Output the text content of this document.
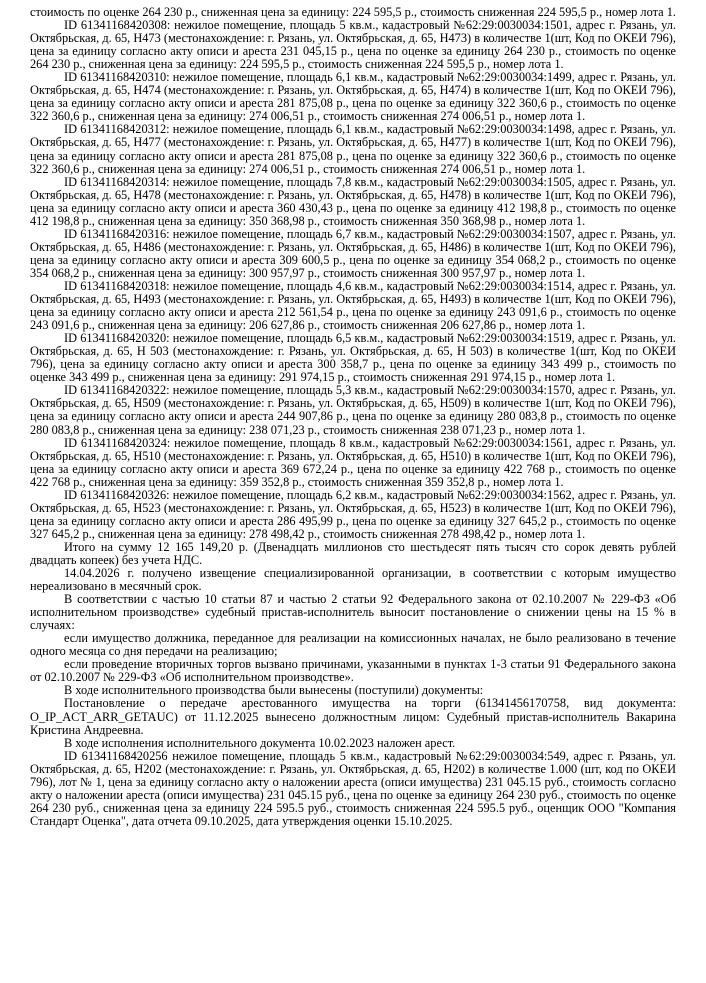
стоимость по оценке 264 230 р., сниженная цена за единицу: 224 595,5 р., стоимость сниженная 224 595,5 р., номер лота 1.

ID 61341168420308: нежилое помещение, площадь 5 кв.м., кадастровый №62:29:0030034:1501, адрес г. Рязань, ул. Октябрьская, д. 65, Н473 (местонахождение: г. Рязань, ул. Октябрьская, д. 65, Н473) в количестве 1(шт, Код по ОКЕИ 796), цена за единицу согласно акту описи и ареста 231 045,15 р., цена по оценке за единицу 264 230 р., стоимость по оценке 264 230 р., сниженная цена за единицу: 224 595,5 р., стоимость сниженная 224 595,5 р., номер лота 1.

ID 61341168420310: нежилое помещение, площадь 6,1 кв.м., кадастровый №62:29:0030034:1499, адрес г. Рязань, ул. Октябрьская, д. 65, Н474 (местонахождение: г. Рязань, ул. Октябрьская, д. 65, Н474) в количестве 1(шт, Код по ОКЕИ 796), цена за единицу согласно акту описи и ареста 281 875,08 р., цена по оценке за единицу 322 360,6 р., стоимость по оценке 322 360,6 р., сниженная цена за единицу: 274 006,51 р., стоимость сниженная 274 006,51 р., номер лота 1.

ID 61341168420312: нежилое помещение, площадь 6,1 кв.м., кадастровый №62:29:0030034:1498, адрес г. Рязань, ул. Октябрьская, д. 65, Н477 (местонахождение: г. Рязань, ул. Октябрьская, д. 65, Н477) в количестве 1(шт, Код по ОКЕИ 796), цена за единицу согласно акту описи и ареста 281 875,08 р., цена по оценке за единицу 322 360,6 р., стоимость по оценке 322 360,6 р., сниженная цена за единицу: 274 006,51 р., стоимость сниженная 274 006,51 р., номер лота 1.

ID 61341168420314: нежилое помещение, площадь 7,8 кв.м., кадастровый №62:29:0030034:1505, адрес г. Рязань, ул. Октябрьская, д. 65, Н478 (местонахождение: г. Рязань, ул. Октябрьская, д. 65, Н478) в количестве 1(шт, Код по ОКЕИ 796), цена за единицу согласно акту описи и ареста 360 430,43 р., цена по оценке за единицу 412 198,8 р., стоимость по оценке 412 198,8 р., сниженная цена за единицу: 350 368,98 р., стоимость сниженная 350 368,98 р., номер лота 1.

ID 61341168420316: нежилое помещение, площадь 6,7 кв.м., кадастровый №62:29:0030034:1507, адрес г. Рязань, ул. Октябрьская, д. 65, Н486 (местонахождение: г. Рязань, ул. Октябрьская, д. 65, Н486) в количестве 1(шт, Код по ОКЕИ 796), цена за единицу согласно акту описи и ареста 309 600,5 р., цена по оценке за единицу 354 068,2 р., стоимость по оценке 354 068,2 р., сниженная цена за единицу: 300 957,97 р., стоимость сниженная 300 957,97 р., номер лота 1.

ID 61341168420318: нежилое помещение, площадь 4,6 кв.м., кадастровый №62:29:0030034:1514, адрес г. Рязань, ул. Октябрьская, д. 65, Н493 (местонахождение: г. Рязань, ул. Октябрьская, д. 65, Н493) в количестве 1(шт, Код по ОКЕИ 796), цена за единицу согласно акту описи и ареста 212 561,54 р., цена по оценке за единицу 243 091,6 р., стоимость по оценке 243 091,6 р., сниженная цена за единицу: 206 627,86 р., стоимость сниженная 206 627,86 р., номер лота 1.

ID 61341168420320: нежилое помещение, площадь 6,5 кв.м., кадастровый №62:29:0030034:1519, адрес г. Рязань, ул. Октябрьская, д. 65, Н 503 (местонахождение: г. Рязань, ул. Октябрьская, д. 65, Н 503) в количестве 1(шт, Код по ОКЕИ 796), цена за единицу согласно акту описи и ареста 300 358,7 р., цена по оценке за единицу 343 499 р., стоимость по оценке 343 499 р., сниженная цена за единицу: 291 974,15 р., стоимость сниженная 291 974,15 р., номер лота 1.

ID 61341168420322: нежилое помещение, площадь 5,3 кв.м., кадастровый №62:29:0030034:1570, адрес г. Рязань, ул. Октябрьская, д. 65, Н509 (местонахождение: г. Рязань, ул. Октябрьская, д. 65, Н509) в количестве 1(шт, Код по ОКЕИ 796), цена за единицу согласно акту описи и ареста 244 907,86 р., цена по оценке за единицу 280 083,8 р., стоимость по оценке 280 083,8 р., сниженная цена за единицу: 238 071,23 р., стоимость сниженная 238 071,23 р., номер лота 1.

ID 61341168420324: нежилое помещение, площадь 8 кв.м., кадастровый №62:29:0030034:1561, адрес г. Рязань, ул. Октябрьская, д. 65, Н510 (местонахождение: г. Рязань, ул. Октябрьская, д. 65, Н510) в количестве 1(шт, Код по ОКЕИ 796), цена за единицу согласно акту описи и ареста 369 672,24 р., цена по оценке за единицу 422 768 р., стоимость по оценке 422 768 р., сниженная цена за единицу: 359 352,8 р., стоимость сниженная 359 352,8 р., номер лота 1.

ID 61341168420326: нежилое помещение, площадь 6,2 кв.м., кадастровый №62:29:0030034:1562, адрес г. Рязань, ул. Октябрьская, д. 65, Н523 (местонахождение: г. Рязань, ул. Октябрьская, д. 65, Н523) в количестве 1(шт, Код по ОКЕИ 796), цена за единицу согласно акту описи и ареста 286 495,99 р., цена по оценке за единицу 327 645,2 р., стоимость по оценке 327 645,2 р., сниженная цена за единицу: 278 498,42 р., стоимость сниженная 278 498,42 р., номер лота 1.

Итого на сумму 12 165 149,20 р. (Двенадцать миллионов сто шестьдесят пять тысяч сто сорок девять рублей двадцать копеек) без учета НДС.

14.04.2026 г. получено извещение специализированной организации, в соответствии с которым имущество нереализовано в месячный срок.

В соответствии с частью 10 статьи 87 и частью 2 статьи 92 Федерального закона от 02.10.2007 № 229-ФЗ «Об исполнительном производстве» судебный пристав-исполнитель выносит постановление о снижении цены на 15 % в случаях:

если имущество должника, переданное для реализации на комиссионных началах, не было реализовано в течение одного месяца со дня передачи на реализацию;

если проведение вторичных торгов вызвано причинами, указанными в пунктах 1-3 статьи 91 Федерального закона от 02.10.2007 № 229-ФЗ «Об исполнительном производстве».

В ходе исполнительного производства были вынесены (поступили) документы:

Постановление о передаче арестованного имущества на торги (61341456170758, вид документа: O_IP_ACT_ARR_GETAUC) от 11.12.2025 вынесено должностным лицом: Судебный пристав-исполнитель Вакарина Кристина Андреевна.

В ходе исполнения исполнительного документа 10.02.2023 наложен арест.

ID 61341168420256 нежилое помещение, площадь 5 кв.м., кадастровый №62:29:0030034:549, адрес г. Рязань, ул. Октябрьская, д. 65, Н202 (местонахождение: г. Рязань, ул. Октябрьская, д. 65, Н202) в количестве 1.000 (шт, код по ОКЕИ 796), лот № 1, цена за единицу согласно акту о наложении ареста (описи имущества) 231 045.15 руб., стоимость согласно акту о наложении ареста (описи имущества) 231 045.15 руб., цена по оценке за единицу 264 230 руб., стоимость по оценке 264 230 руб., сниженная цена за единицу 224 595.5 руб., стоимость сниженная 224 595.5 руб., оценщик ООО "Компания Стандарт Оценка", дата отчета 09.10.2025, дата утверждения оценки 15.10.2025.
